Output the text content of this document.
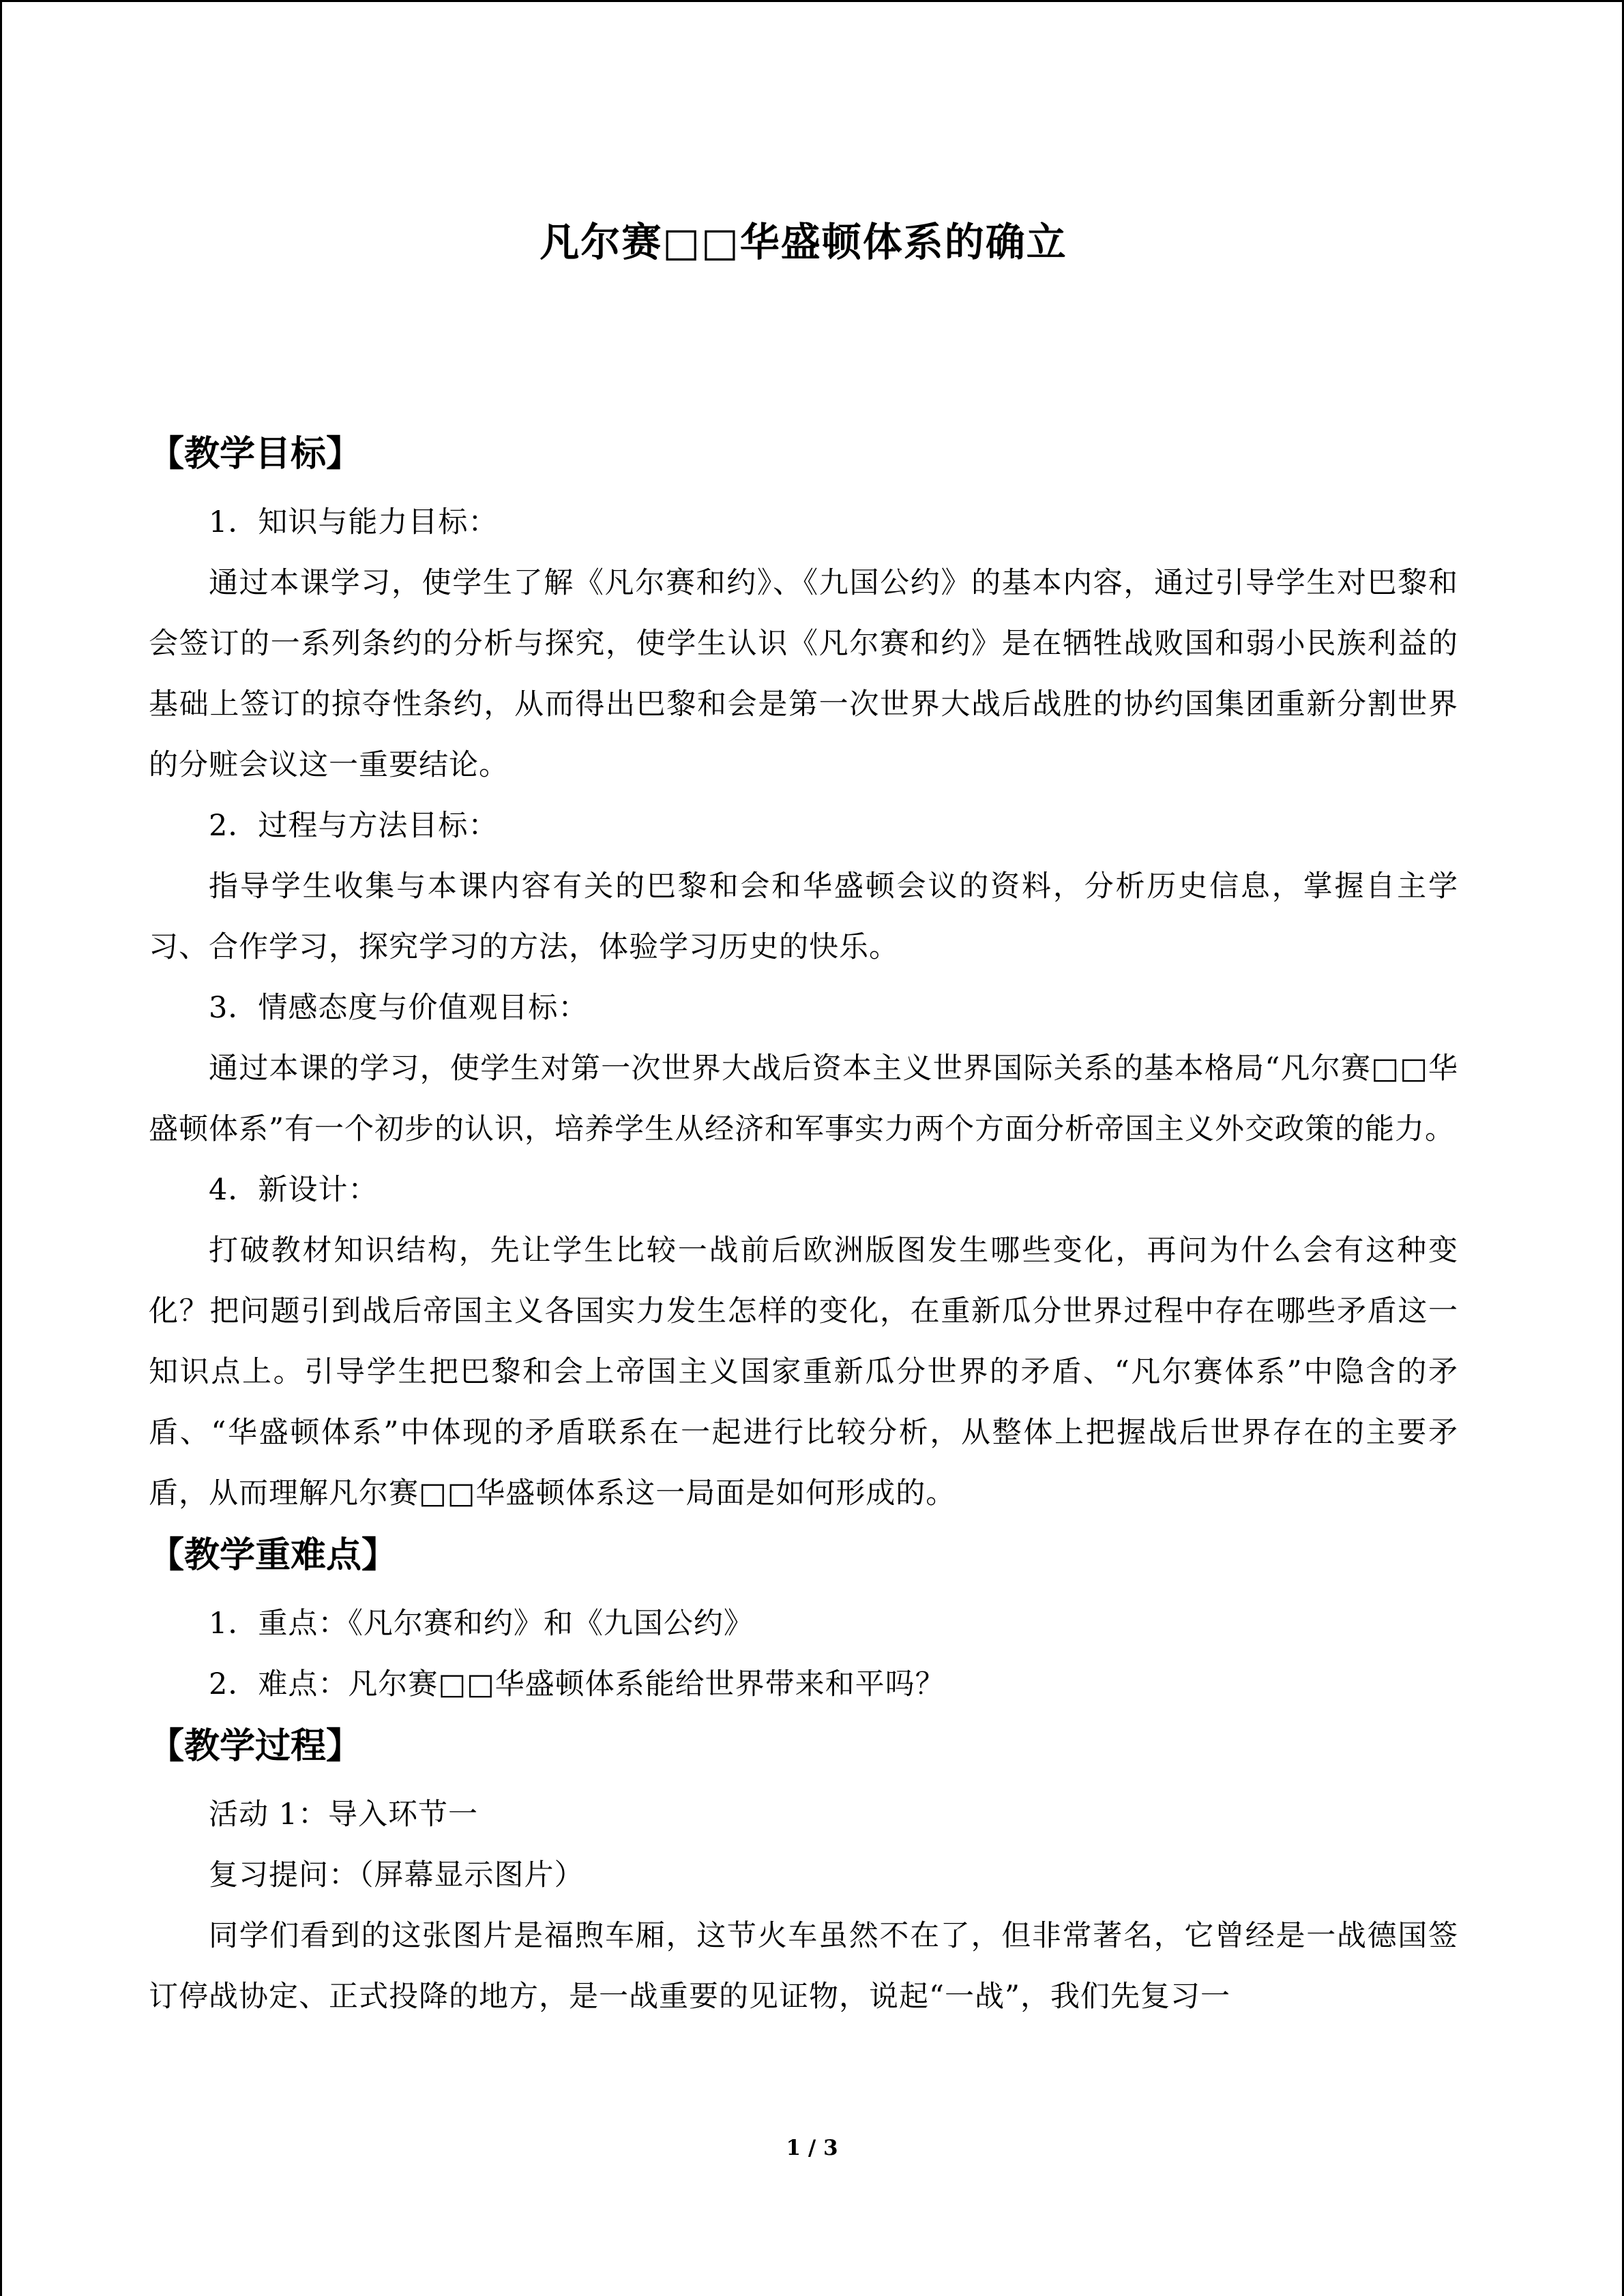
凡尔赛□□华盛顿体系的确立
【教学目标】

1．知识与能力目标：

通过本课学习，使学生了解《凡尔赛和约》、《九国公约》的基本内容，通过引导学生对巴黎和会签订的一系列条约的分析与探究，使学生认识《凡尔赛和约》是在牺牲战败国和弱小民族利益的基础上签订的掠夺性条约，从而得出巴黎和会是第一次世界大战后战胜的协约国集团重新分割世界的分赃会议这一重要结论。

2．过程与方法目标：

指导学生收集与本课内容有关的巴黎和会和华盛顿会议的资料，分析历史信息，掌握自主学习、合作学习，探究学习的方法，体验学习历史的快乐。

3．情感态度与价值观目标：

通过本课的学习，使学生对第一次世界大战后资本主义世界国际关系的基本格局“凡尔赛□□华盛顿体系”有一个初步的认识，培养学生从经济和军事实力两个方面分析帝国主义外交政策的能力。

4．新设计：

打破教材知识结构，先让学生比较一战前后欧洲版图发生哪些变化，再问为什么会有这种变化？把问题引到战后帝国主义各国实力发生怎样的变化，在重新瓜分世界过程中存在哪些矛盾这一知识点上。引导学生把巴黎和会上帝国主义国家重新瓜分世界的矛盾、“凡尔赛体系”中隐含的矛盾、“华盛顿体系”中体现的矛盾联系在一起进行比较分析，从整体上把握战后世界存在的主要矛盾，从而理解凡尔赛□□华盛顿体系这一局面是如何形成的。

【教学重难点】

1．重点：《凡尔赛和约》和《九国公约》

2．难点：凡尔赛□□华盛顿体系能给世界带来和平吗？

【教学过程】

活动 1：导入环节一

复习提问：（屏幕显示图片）

同学们看到的这张图片是福煦车厢，这节火车虽然不在了，但非常著名，它曾经是一战德国签订停战协定、正式投降的地方，是一战重要的见证物，说起“一战”，我们先复习一

1 / 3
